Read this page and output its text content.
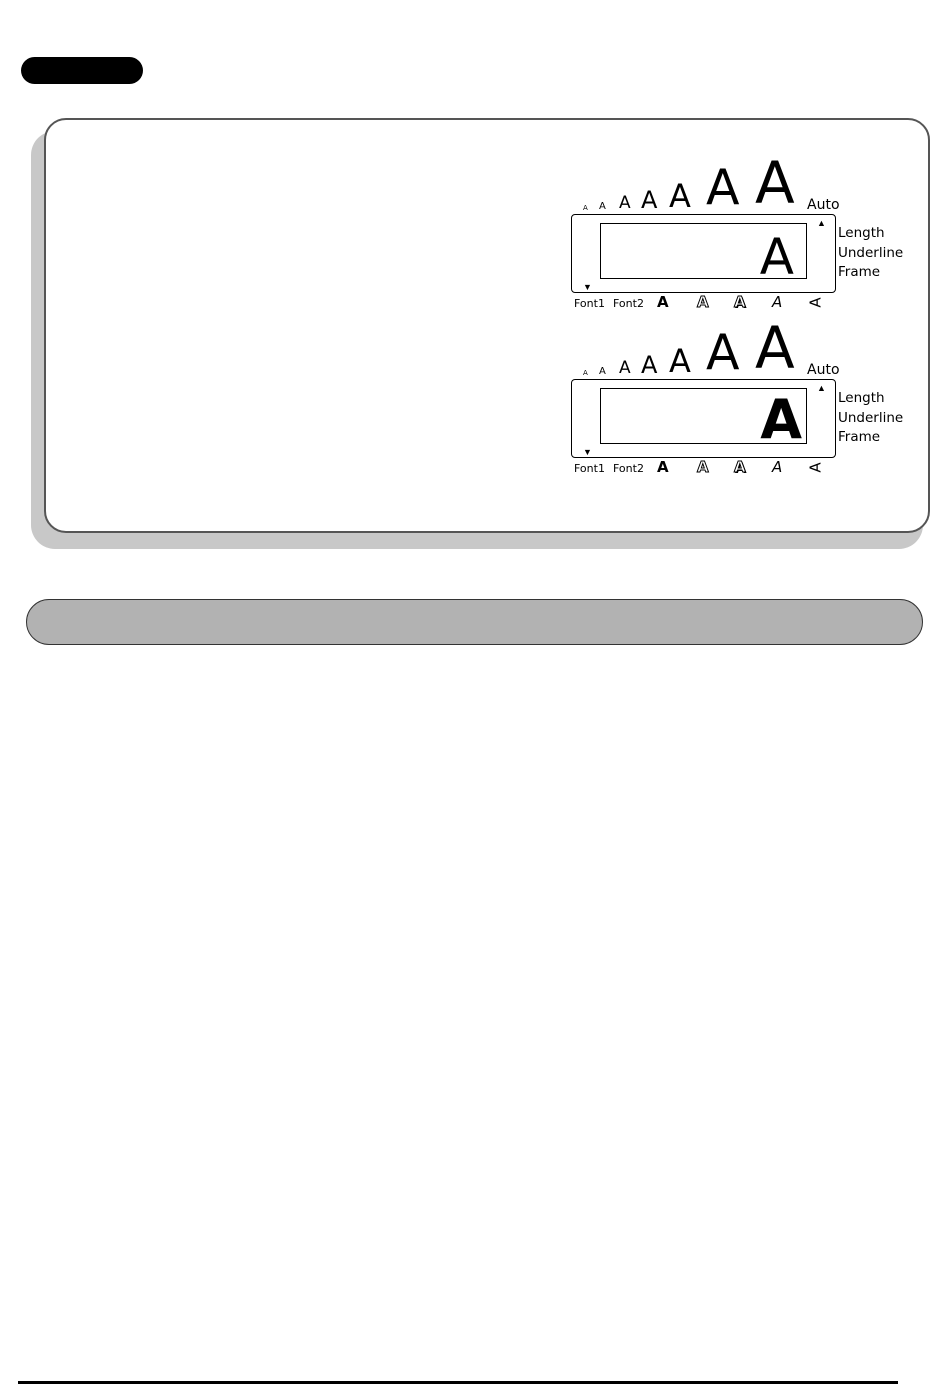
A A A A A A A Auto
▲
▼
A	Length
Underline
Frame
Font1 Font2 A A A A A
A A A A A A A Auto
▲
▼
A	Length
Underline
Frame
Font1 Font2 A A A A A
